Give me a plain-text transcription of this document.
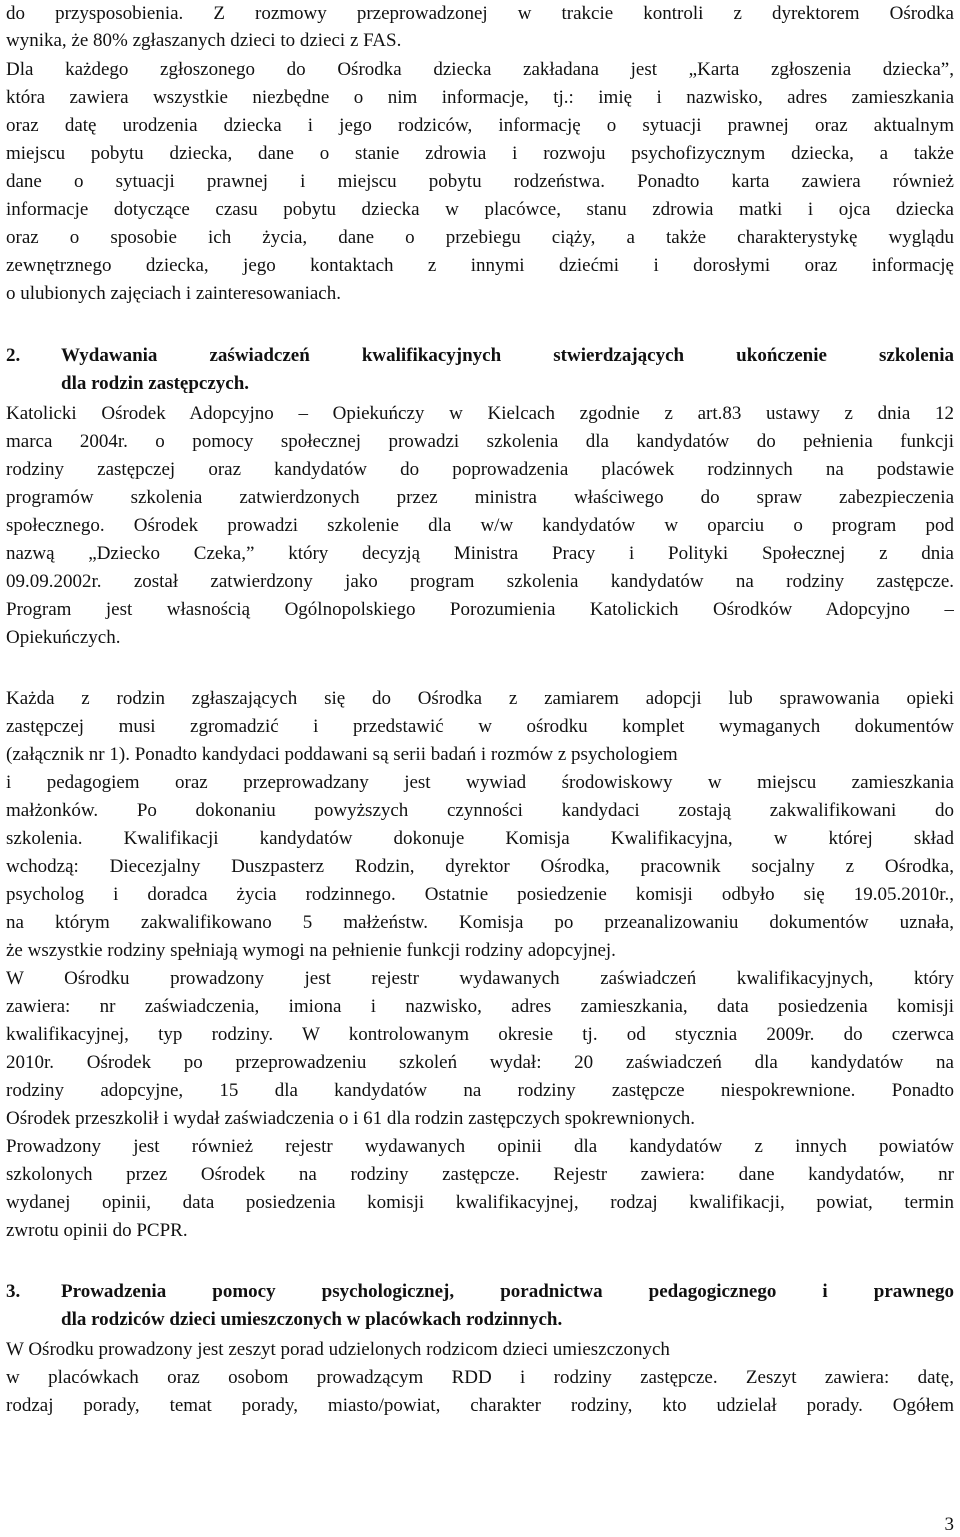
do przysposobienia. Z rozmowy przeprowadzonej w trakcie kontroli z dyrektorem Ośrodka
wynika, że 80% zgłaszanych dzieci to dzieci z FAS.
Dla każdego zgłoszonego do Ośrodka dziecka zakładana jest „Karta zgłoszenia dziecka”,
która zawiera wszystkie niezbędne o nim informacje, tj.: imię i nazwisko, adres zamieszkania
oraz datę urodzenia dziecka i jego rodziców, informację o sytuacji prawnej oraz aktualnym
miejscu pobytu dziecka, dane o stanie zdrowia i rozwoju psychofizycznym dziecka, a także
dane o sytuacji prawnej i miejscu pobytu rodzeństwa. Ponadto karta zawiera również
informacje dotyczące czasu pobytu dziecka w placówce, stanu zdrowia matki i ojca dziecka
oraz o sposobie ich życia, dane o przebiegu ciąży, a także charakterystykę wyglądu
zewnętrznego dziecka, jego kontaktach z innymi dziećmi i dorosłymi oraz informację
o ulubionych zajęciach i zainteresowaniach.
2. Wydawania zaświadczeń kwalifikacyjnych stwierdzających ukończenie szkolenia
dla rodzin zastępczych.
Katolicki Ośrodek Adopcyjno – Opiekuńczy w Kielcach zgodnie z art.83 ustawy z dnia 12
marca 2004r. o pomocy społecznej prowadzi szkolenia dla kandydatów do pełnienia funkcji
rodziny zastępczej oraz kandydatów do poprowadzenia placówek rodzinnych na podstawie
programów szkolenia zatwierdzonych przez ministra właściwego do spraw zabezpieczenia
społecznego. Ośrodek prowadzi szkolenie dla w/w kandydatów w oparciu o program pod
nazwą „Dziecko Czeka,” który decyzją Ministra Pracy i Polityki Społecznej z dnia
09.09.2002r. został zatwierdzony jako program szkolenia kandydatów na rodziny zastępcze.
Program jest własnością Ogólnopolskiego Porozumienia Katolickich Ośrodków Adopcyjno –
Opiekuńczych.
Każda z rodzin zgłaszających się do Ośrodka z zamiarem adopcji lub sprawowania opieki
zastępczej musi zgromadzić i przedstawić w ośrodku komplet wymaganych dokumentów
(załącznik nr 1). Ponadto kandydaci poddawani są serii badań i rozmów z psychologiem
i pedagogiem oraz przeprowadzany jest wywiad środowiskowy w miejscu zamieszkania
małżonków. Po dokonaniu powyższych czynności kandydaci zostają zakwalifikowani do
szkolenia. Kwalifikacji kandydatów dokonuje Komisja Kwalifikacyjna, w której skład
wchodzą: Diecezjalny Duszpasterz Rodzin, dyrektor Ośrodka, pracownik socjalny z Ośrodka,
psycholog i doradca życia rodzinnego. Ostatnie posiedzenie komisji odbyło się 19.05.2010r.,
na którym zakwalifikowano 5 małżeństw. Komisja po przeanalizowaniu dokumentów uznała,
że wszystkie rodziny spełniają wymogi na pełnienie funkcji rodziny adopcyjnej.
W Ośrodku prowadzony jest rejestr wydawanych zaświadczeń kwalifikacyjnych, który
zawiera: nr zaświadczenia, imiona i nazwisko, adres zamieszkania, data posiedzenia komisji
kwalifikacyjnej, typ rodziny. W kontrolowanym okresie tj. od stycznia 2009r. do czerwca
2010r. Ośrodek po przeprowadzeniu szkoleń wydał: 20 zaświadczeń dla kandydatów na
rodziny adopcyjne, 15 dla kandydatów na rodziny zastępcze niespokrewnione. Ponadto
Ośrodek przeszkolił i wydał zaświadczenia o i 61 dla rodzin zastępczych spokrewnionych.
Prowadzony jest również rejestr wydawanych opinii dla kandydatów z innych powiatów
szkolonych przez Ośrodek na rodziny zastępcze. Rejestr zawiera: dane kandydatów, nr
wydanej opinii, data posiedzenia komisji kwalifikacyjnej, rodzaj kwalifikacji, powiat, termin
zwrotu opinii do PCPR.
3. Prowadzenia pomocy psychologicznej, poradnictwa pedagogicznego i prawnego
dla rodziców dzieci umieszczonych w placówkach rodzinnych.
W Ośrodku prowadzony jest zeszyt porad udzielonych rodzicom dzieci umieszczonych
w placówkach oraz osobom prowadzącym RDD i rodziny zastępcze. Zeszyt zawiera: datę,
rodzaj porady, temat porady, miasto/powiat, charakter rodziny, kto udzielał porady. Ogółem
3
